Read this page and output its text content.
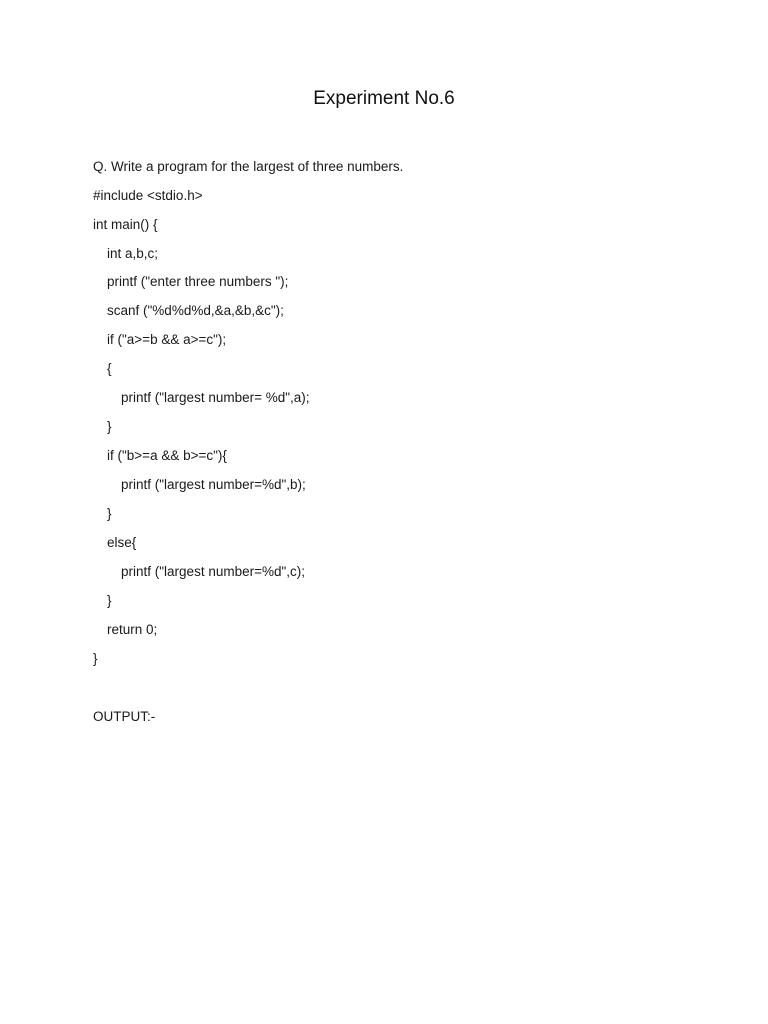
Experiment No.6
Q. Write a program for the largest of three numbers.
#include <stdio.h>
int main() {
int a,b,c;
printf ("enter three numbers ");
scanf ("%d%d%d,&a,&b,&c");
if ("a>=b && a>=c");
{
printf ("largest number= %d",a);
}
if ("b>=a && b>=c"){
printf ("largest number=%d",b);
}
else{
printf ("largest number=%d",c);
}
return 0;
}
OUTPUT:-
